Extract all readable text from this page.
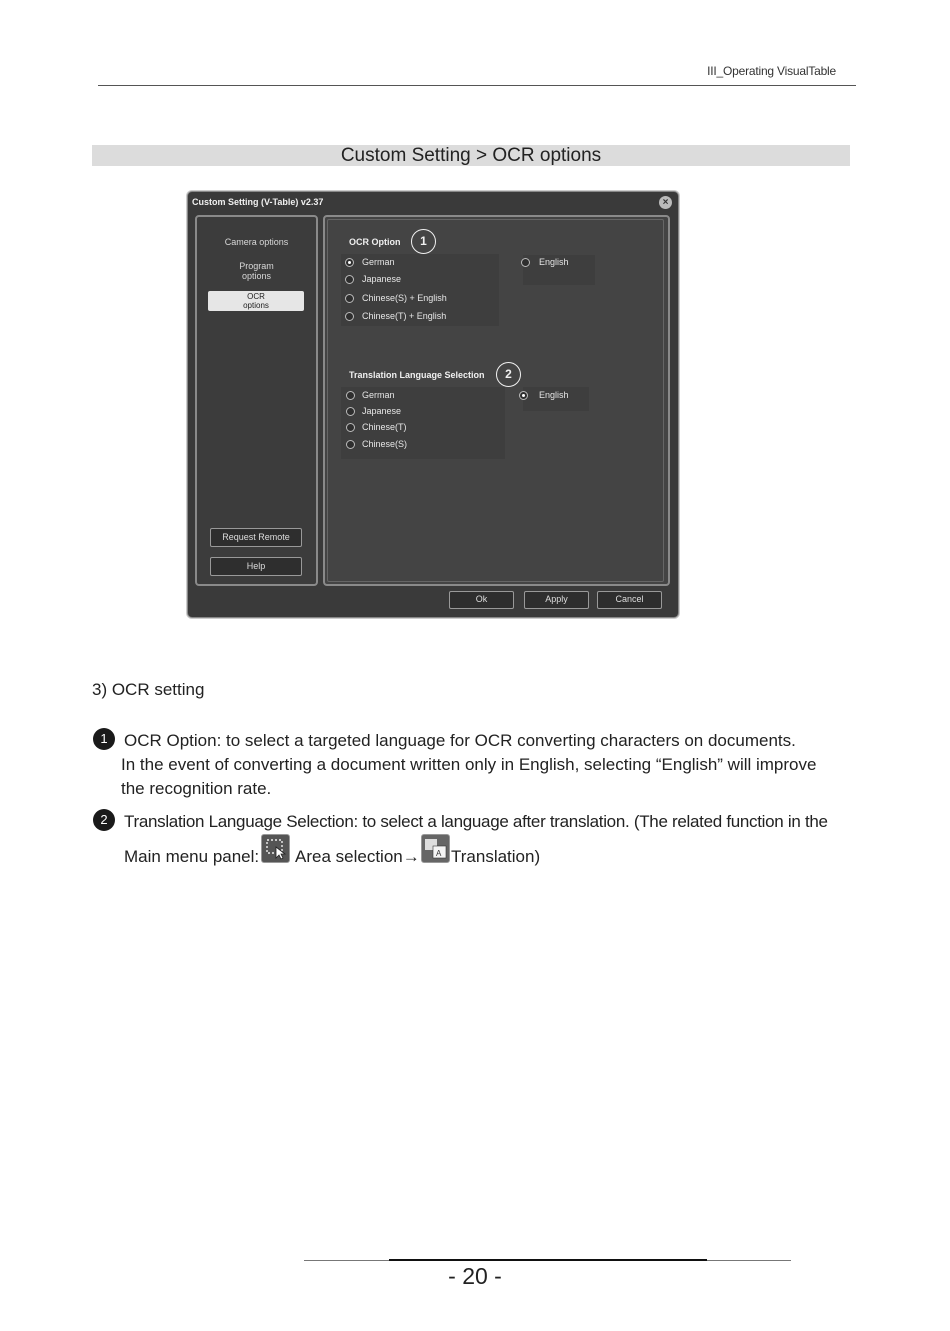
III_Operating VisualTable
Custom Setting > OCR options
Custom Setting (V-Table) v2.37	×
Camera options
Program
options
OCR
options
Request Remote
Help
OCR Option	1
German
Japanese
Chinese(S) + English
Chinese(T) + English
English
Translation Language Selection	2
German
Japanese
Chinese(T)
Chinese(S)
English
Ok	Apply	Cancel
3) OCR setting
1 OCR Option: to select a targeted language for OCR converting characters on documents.
In the event of converting a document written only in English, selecting “English” will improve
the recognition rate.
2 Translation Language Selection: to select a language after translation. (The related function in the
Main menu panel: Area selection→ A Translation)
- 20 -
